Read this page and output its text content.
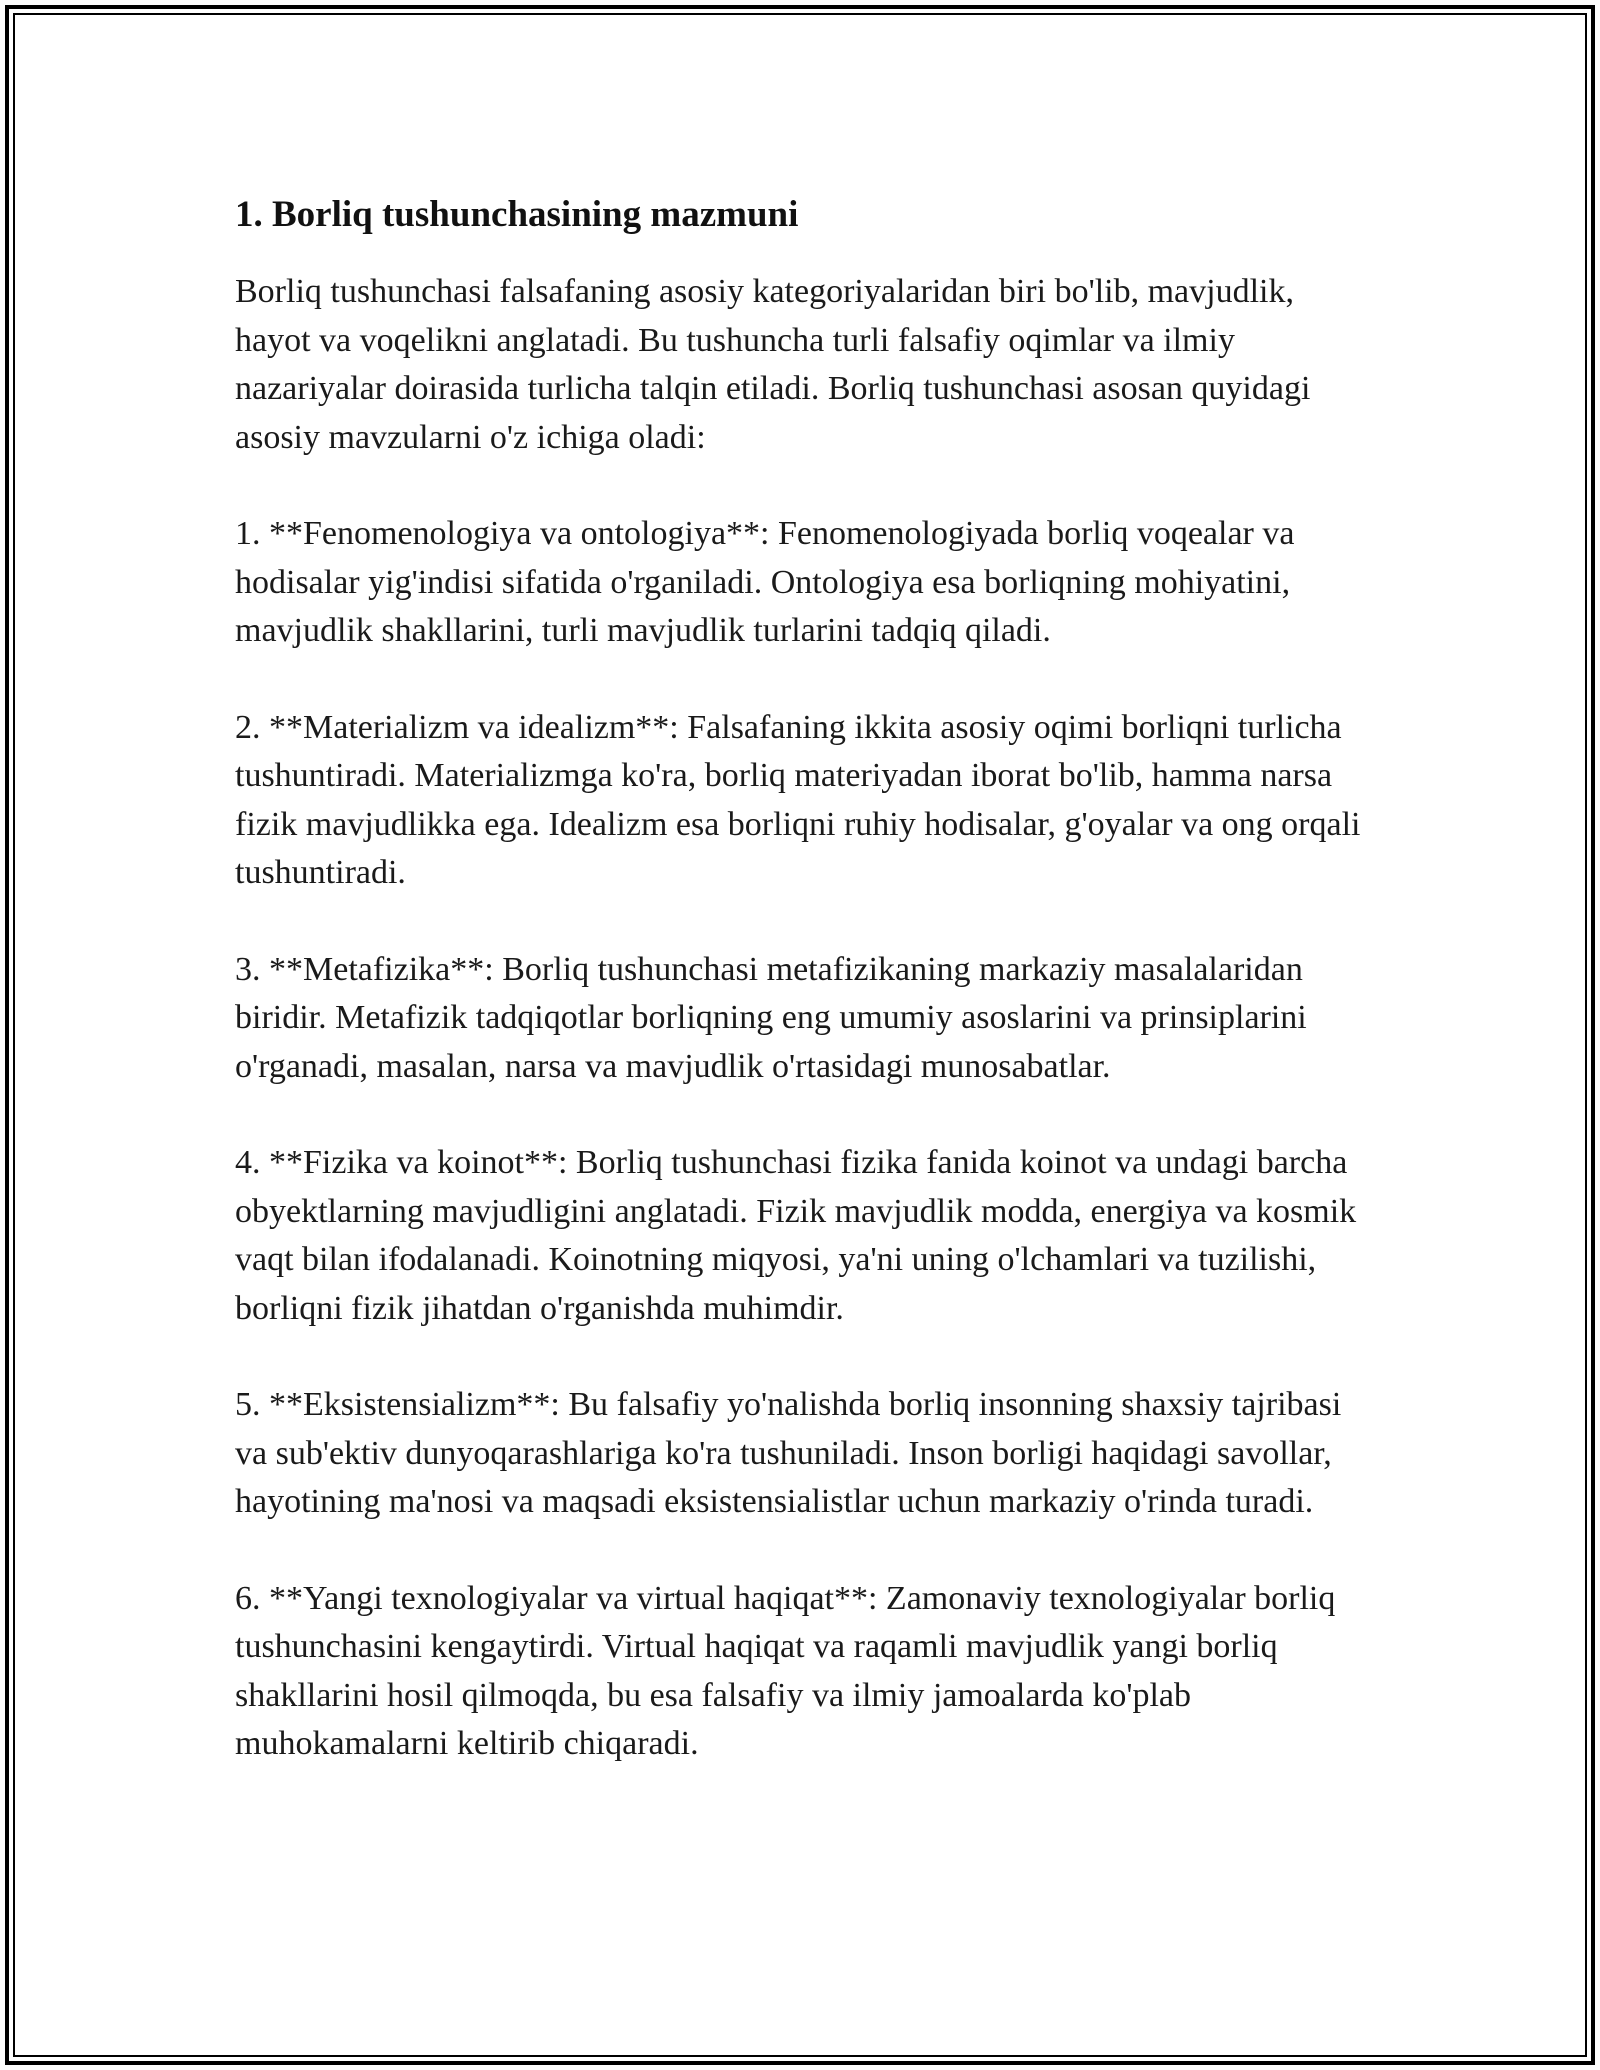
1. Borliq tushunchasining mazmuni

Borliq tushunchasi falsafaning asosiy kategoriyalaridan biri bo'lib, mavjudlik, hayot va voqelikni anglatadi. Bu tushuncha turli falsafiy oqimlar va ilmiy nazariyalar doirasida turlicha talqin etiladi. Borliq tushunchasi asosan quyidagi asosiy mavzularni o'z ichiga oladi:

1. **Fenomenologiya va ontologiya**: Fenomenologiyada borliq voqealar va hodisalar yig'indisi sifatida o'rganiladi. Ontologiya esa borliqning mohiyatini, mavjudlik shakllarini, turli mavjudlik turlarini tadqiq qiladi.

2. **Materializm va idealizm**: Falsafaning ikkita asosiy oqimi borliqni turlicha tushuntiradi. Materializmga ko'ra, borliq materiyadan iborat bo'lib, hamma narsa fizik mavjudlikka ega. Idealizm esa borliqni ruhiy hodisalar, g'oyalar va ong orqali tushuntiradi.

3. **Metafizika**: Borliq tushunchasi metafizikaning markaziy masalalaridan biridir. Metafizik tadqiqotlar borliqning eng umumiy asoslarini va prinsiplarini o'rganadi, masalan, narsa va mavjudlik o'rtasidagi munosabatlar.

4. **Fizika va koinot**: Borliq tushunchasi fizika fanida koinot va undagi barcha obyektlarning mavjudligini anglatadi. Fizik mavjudlik modda, energiya va kosmik vaqt bilan ifodalanadi. Koinotning miqyosi, ya'ni uning o'lchamlari va tuzilishi, borliqni fizik jihatdan o'rganishda muhimdir.

5. **Eksistensializm**: Bu falsafiy yo'nalishda borliq insonning shaxsiy tajribasi va sub'ektiv dunyoqarashlariga ko'ra tushuniladi. Inson borligi haqidagi savollar, hayotining ma'nosi va maqsadi eksistensialistlar uchun markaziy o'rinda turadi.

6. **Yangi texnologiyalar va virtual haqiqat**: Zamonaviy texnologiyalar borliq tushunchasini kengaytirdi. Virtual haqiqat va raqamli mavjudlik yangi borliq shakllarini hosil qilmoqda, bu esa falsafiy va ilmiy jamoalarda ko'plab muhokamalarni keltirib chiqaradi.
